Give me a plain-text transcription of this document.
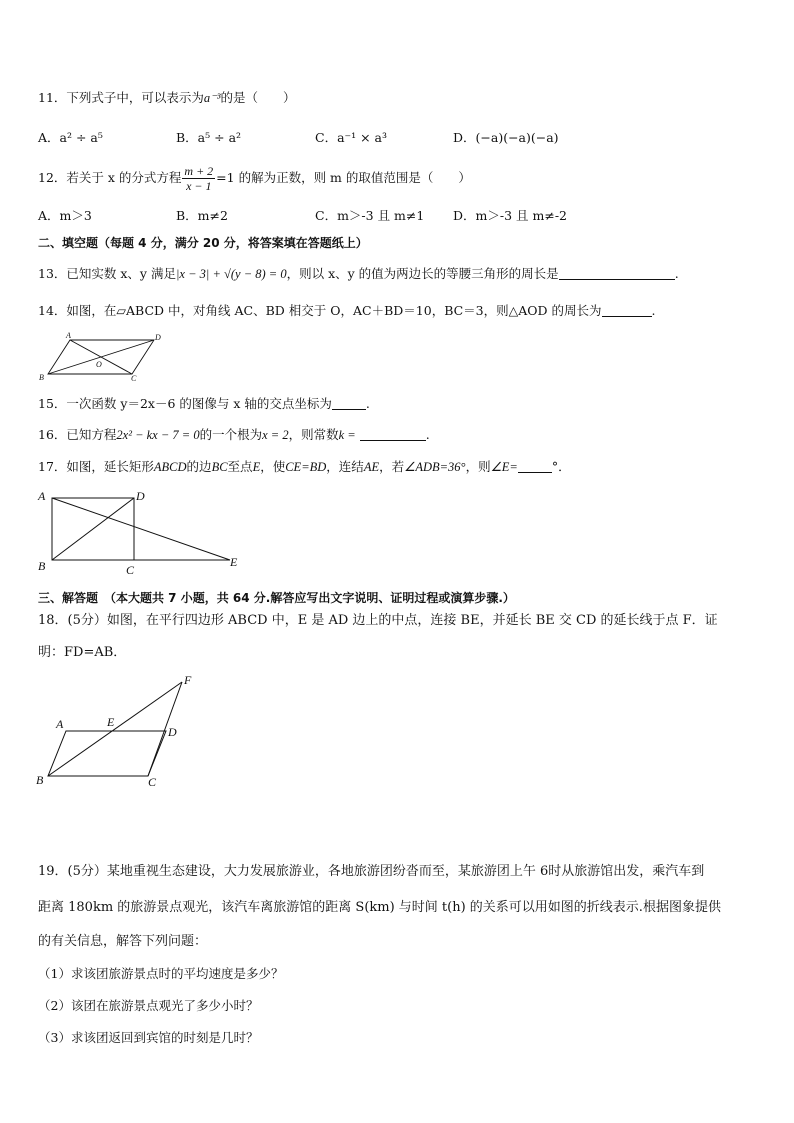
11．下列式子中，可以表示为a⁻³的是（　　）
A．a² ÷ a⁵	B．a⁵ ÷ a²	C．a⁻¹ × a³	D．(−a)(−a)(−a)
12．若关于 x 的分式方程 $\frac{m + 2}{x - 1} =1$ 的解为正数，则 m 的取值范围是（　　）
A．m＞3	B．m≠2	C．m＞-3 且 m≠1 D．m＞-3 且 m≠-2
二、填空题（每题 4 分，满分 20 分，将答案填在答题纸上）
13．已知实数 x、y 满足|x − 3| + √(y − 8) = 0，则以 x、y 的值为两边长的等腰三角形的周长是	.
14．如图，在▱ABCD 中，对角线 AC、BD 相交于 O，AC＋BD＝10，BC＝3，则△AOD 的周长为	.
A	D
B	C
O
15．一次函数 y＝2x－6 的图像与 x 轴的交点坐标为	.
16．已知方程2x² − kx − 7 = 0的一个根为x = 2，则常数k =	.
17．如图，延长矩形ABCD的边BC至点E，使CE=BD，连结AE，若∠ADB=36°，则∠E=	°．
A	D
B	C
E
三、解答题　（本大题共 7 小题，共 64 分.解答应写出文字说明、证明过程或演算步骤.）
18．(5分）如图，在平行四边形 ABCD 中，E 是 AD 边上的中点，连接 BE，并延长 BE 交 CD 的延长线于点 F．证
明：FD=AB．
A	E
D
F
B	C
19．(5分）某地重视生态建设，大力发展旅游业，各地旅游团纷沓而至，某旅游团上午 6时从旅游馆出发，乘汽车到
距离 180km 的旅游景点观光，该汽车离旅游馆的距离 S(km) 与时间 t(h) 的关系可以用如图的折线表示.根据图象提供
的有关信息，解答下列问题：
（1）求该团旅游景点时的平均速度是多少？
（2）该团在旅游景点观光了多少小时？
（3）求该团返回到宾馆的时刻是几时？
